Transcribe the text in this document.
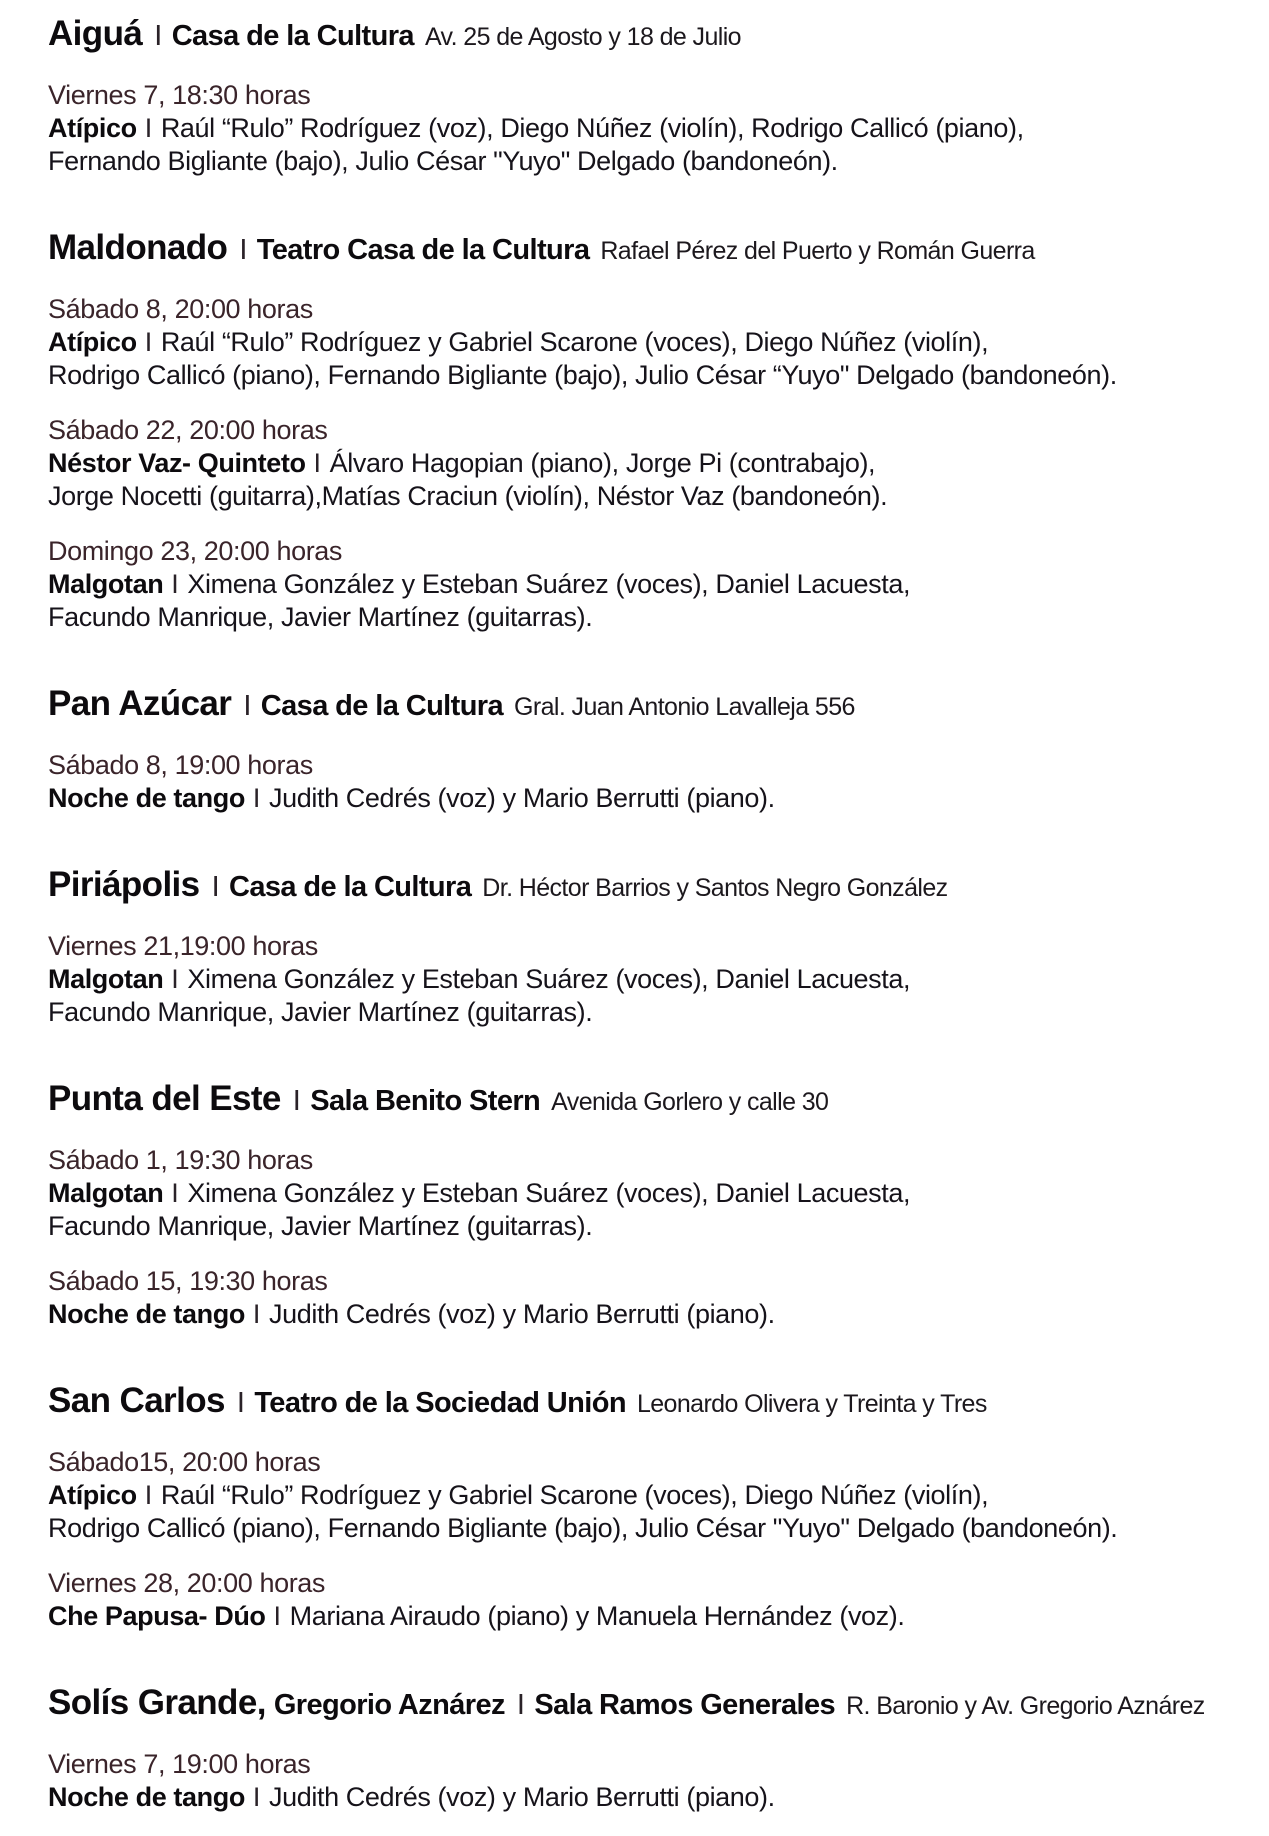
Aiguá I Casa de la Cultura Av. 25 de Agosto y 18 de Julio
Viernes 7, 18:30 horas
Atípico I Raúl “Rulo” Rodríguez (voz), Diego Núñez (violín), Rodrigo Callicó (piano),
Fernando Bigliante (bajo), Julio César "Yuyo" Delgado (bandoneón).
Maldonado I Teatro Casa de la Cultura Rafael Pérez del Puerto y Román Guerra
Sábado 8, 20:00 horas
Atípico I Raúl “Rulo” Rodríguez y Gabriel Scarone (voces), Diego Núñez (violín),
Rodrigo Callicó (piano), Fernando Bigliante (bajo), Julio César “Yuyo" Delgado (bandoneón).
Sábado 22, 20:00 horas
Néstor Vaz- Quinteto I Álvaro Hagopian (piano), Jorge Pi (contrabajo),
Jorge Nocetti (guitarra),Matías Craciun (violín), Néstor Vaz (bandoneón).
Domingo 23, 20:00 horas
Malgotan I Ximena González y Esteban Suárez (voces), Daniel Lacuesta,
Facundo Manrique, Javier Martínez (guitarras).
Pan Azúcar I Casa de la Cultura Gral. Juan Antonio Lavalleja 556
Sábado 8, 19:00 horas
Noche de tango I Judith Cedrés (voz) y Mario Berrutti (piano).
Piriápolis I Casa de la Cultura Dr. Héctor Barrios y Santos Negro González
Viernes 21,19:00 horas
Malgotan I Ximena González y Esteban Suárez (voces), Daniel Lacuesta,
Facundo Manrique, Javier Martínez (guitarras).
Punta del Este I Sala Benito Stern Avenida Gorlero y calle 30
Sábado 1, 19:30 horas
Malgotan I Ximena González y Esteban Suárez (voces), Daniel Lacuesta,
Facundo Manrique, Javier Martínez (guitarras).
Sábado 15, 19:30 horas
Noche de tango I Judith Cedrés (voz) y Mario Berrutti (piano).
San Carlos I Teatro de la Sociedad Unión Leonardo Olivera y Treinta y Tres
Sábado15, 20:00 horas
Atípico I Raúl “Rulo” Rodríguez y Gabriel Scarone (voces), Diego Núñez (violín),
Rodrigo Callicó (piano), Fernando Bigliante (bajo), Julio César "Yuyo" Delgado (bandoneón).
Viernes 28, 20:00 horas
Che Papusa- Dúo I Mariana Airaudo (piano) y Manuela Hernández (voz).
Solís Grande, Gregorio Aznárez I Sala Ramos Generales R. Baronio y Av. Gregorio Aznárez
Viernes 7, 19:00 horas
Noche de tango I Judith Cedrés (voz) y Mario Berrutti (piano).
